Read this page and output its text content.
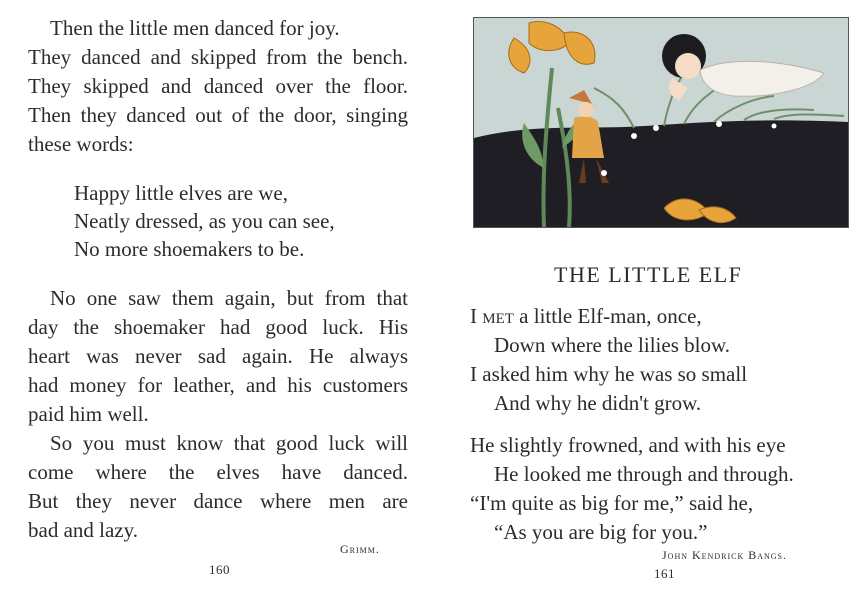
Then the little men danced for joy.
They danced and skipped from the bench.
They skipped and danced over the floor.
Then they danced out of the door, singing
these words:
Happy little elves are we,
Neatly dressed, as you can see,
No more shoemakers to be.
No one saw them again, but from that
day the shoemaker had good luck. His
heart was never sad again. He always
had money for leather, and his customers
paid him well.
So you must know that good luck will
come where the elves have danced.
But they never dance where men are
bad and lazy.
Grimm.
160
THE LITTLE ELF
I met a little Elf-man, once,
Down where the lilies blow.
I asked him why he was so small
And why he didn't grow.
He slightly frowned, and with his eye
He looked me through and through.
“I'm quite as big for me,” said he,
“As you are big for you.”
John Kendrick Bangs.
161
